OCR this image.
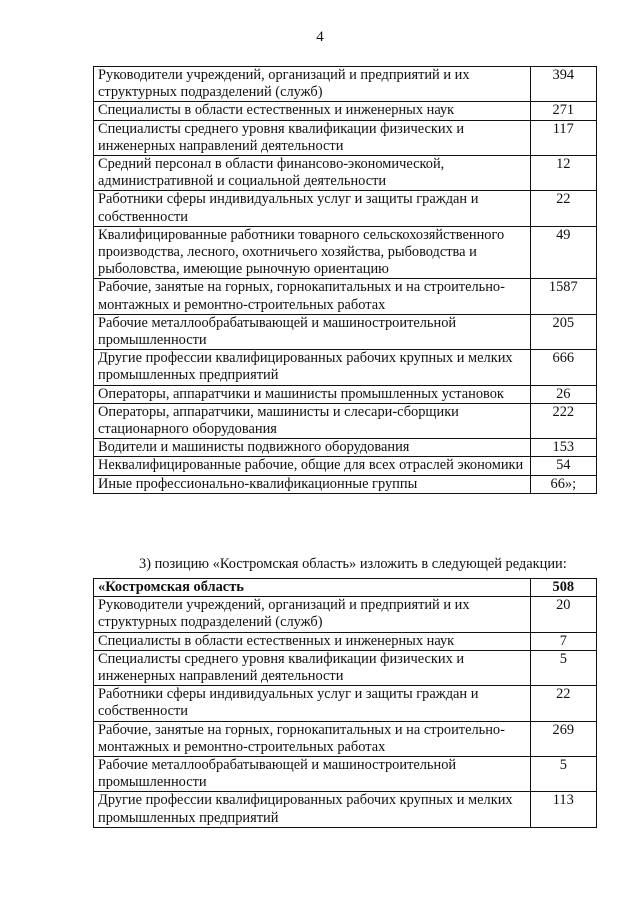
4
Руководители учреждений, организаций и предприятий и их структурных подразделений (служб)	394
Специалисты в области естественных и инженерных наук	271
Специалисты среднего уровня квалификации физических и инженерных направлений деятельности	117
Средний персонал в области финансово-экономической, административной и социальной деятельности	12
Работники сферы индивидуальных услуг и защиты граждан и собственности	22
Квалифицированные работники товарного сельскохозяйственного производства, лесного, охотничьего хозяйства, рыбоводства и рыболовства, имеющие рыночную ориентацию	49
Рабочие, занятые на горных, горнокапитальных и на строительно-монтажных и ремонтно-строительных работах	1587
Рабочие металлообрабатывающей и машиностроительной промышленности	205
Другие профессии квалифицированных рабочих крупных и мелких промышленных предприятий	666
Операторы, аппаратчики и машинисты промышленных установок	26
Операторы, аппаратчики, машинисты и слесари-сборщики стационарного оборудования	222
Водители и машинисты подвижного оборудования	153
Неквалифицированные рабочие, общие для всех отраслей экономики	54
Иные профессионально-квалификационные группы	66»;
3) позицию «Костромская область» изложить в следующей редакции:
«Костромская область	508
Руководители учреждений, организаций и предприятий и их структурных подразделений (служб)	20
Специалисты в области естественных и инженерных наук	7
Специалисты среднего уровня квалификации физических и инженерных направлений деятельности	5
Работники сферы индивидуальных услуг и защиты граждан и собственности	22
Рабочие, занятые на горных, горнокапитальных и на строительно-монтажных и ремонтно-строительных работах	269
Рабочие металлообрабатывающей и машиностроительной промышленности	5
Другие профессии квалифицированных рабочих крупных и мелких промышленных предприятий	113
